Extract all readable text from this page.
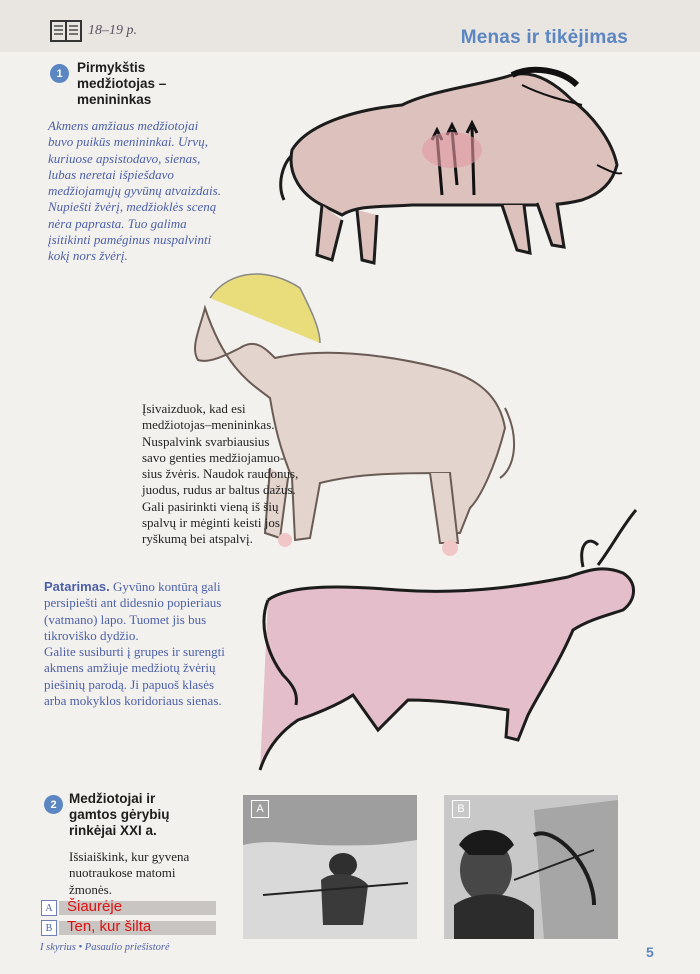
18–19 p.	Menas ir tikėjimas
1	Pirmykštis
medžiotojas –
menininkas
Akmens amžiaus medžiotojai
buvo puikūs menininkai. Urvų,
kuriuose apsistodavo, sienas,
lubas neretai išpiešdavo
medžiojamųjų gyvūnų atvaizdais.
Nupiešti žvėrį, medžioklės sceną
nėra paprasta. Tuo galima
įsitikinti paméginus nuspalvinti
kokį nors žvėrį.
Įsivaizduok, kad esi
medžiotojas–menininkas.
Nuspalvink svarbiausius
savo genties medžiojamuo-
sius žvėris. Naudok raudonus,
juodus, rudus ar baltus dažus.
Gali pasirinkti vieną iš šių
spalvų ir mėginti keisti jos
ryškumą bei atspalvį.
Patarimas. Gyvūno kontūrą gali
persipiešti ant didesnio popieriaus
(vatmano) lapo. Tuomet jis bus
tikroviško dydžio.
Galite susiburti į grupes ir surengti
akmens amžiuje medžiotų žvėrių
piešinių parodą. Ji papuoš klasės
arba mokyklos koridoriaus sienas.
2 Medžiotojai ir
gamtos gėrybių
rinkėjai XXI a.
Išsiaiškink, kur gyvena
nuotraukose matomi
žmonės.
A Šiaurėje
B Ten, kur šilta
A	B
I skyrius • Pasaulio priešistorė	5
